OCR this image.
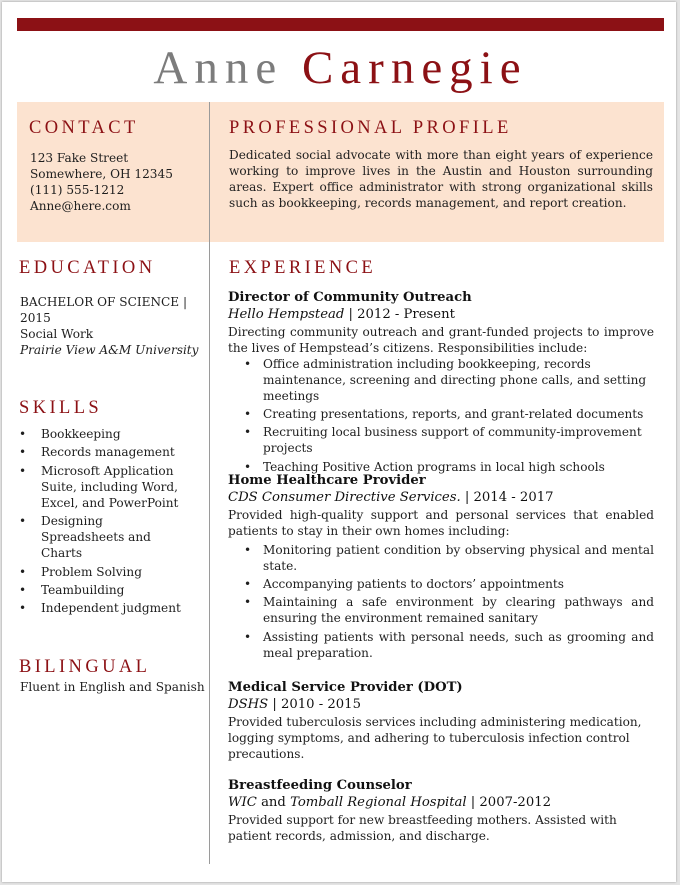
Anne Carnegie
CONTACT
123 Fake Street
Somewhere, OH 12345
(111) 555-1212
Anne@here.com
PROFESSIONAL PROFILE
Dedicated social advocate with more than eight years of experience working to improve lives in the Austin and Houston surrounding areas. Expert office administrator with strong organizational skills such as bookkeeping, records management, and report creation.
EDUCATION
BACHELOR OF SCIENCE | 2015
Social Work
Prairie View A&M University
SKILLS
• Bookkeeping
• Records management
• Microsoft Application Suite, including Word, Excel, and PowerPoint
• Designing Spreadsheets and Charts
• Problem Solving
• Teambuilding
• Independent judgment
BILINGUAL
Fluent in English and Spanish
EXPERIENCE
Director of Community Outreach
Hello Hempstead | 2012 - Present
Directing community outreach and grant-funded projects to improve the lives of Hempstead’s citizens. Responsibilities include:
• Office administration including bookkeeping, records maintenance, screening and directing phone calls, and setting meetings
• Creating presentations, reports, and grant-related documents
• Recruiting local business support of community-improvement projects
• Teaching Positive Action programs in local high schools
Home Healthcare Provider
CDS Consumer Directive Services. | 2014 - 2017
Provided high-quality support and personal services that enabled patients to stay in their own homes including:
• Monitoring patient condition by observing physical and mental state.
• Accompanying patients to doctors’ appointments
• Maintaining a safe environment by clearing pathways and ensuring the environment remained sanitary
• Assisting patients with personal needs, such as grooming and meal preparation.
Medical Service Provider (DOT)
DSHS | 2010 - 2015
Provided tuberculosis services including administering medication, logging symptoms, and adhering to tuberculosis infection control precautions.
Breastfeeding Counselor
WIC and Tomball Regional Hospital | 2007-2012
Provided support for new breastfeeding mothers. Assisted with patient records, admission, and discharge.
